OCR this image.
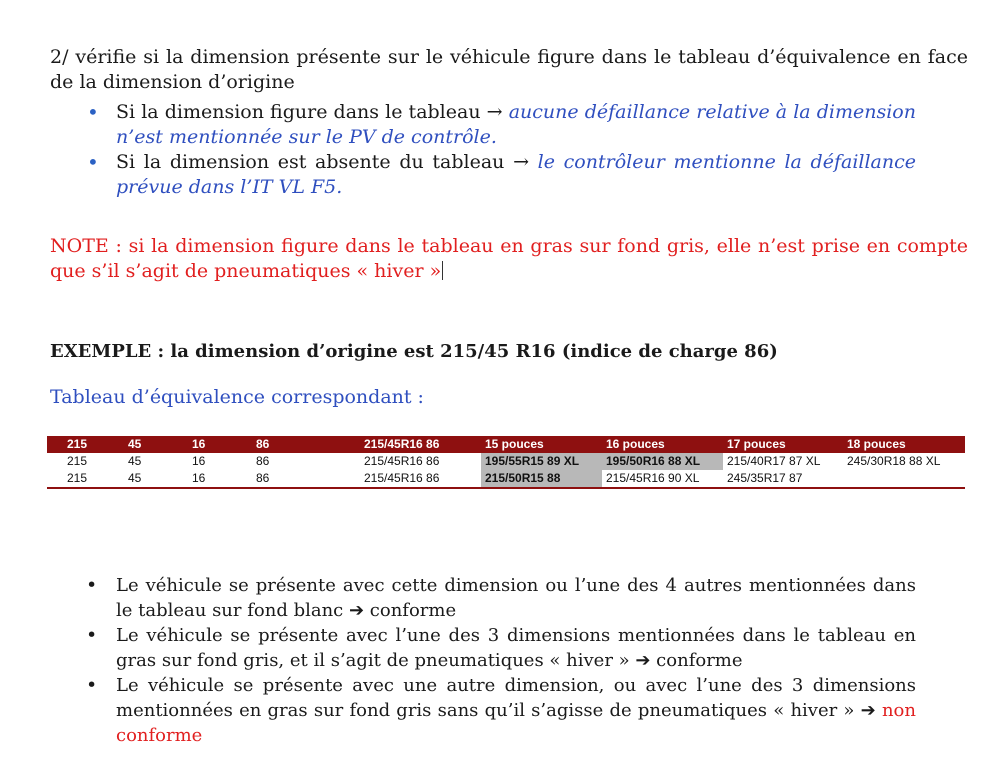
2/ vérifie si la dimension présente sur le véhicule figure dans le tableau d’équivalence en face de la dimension d’origine
• Si la dimension figure dans le tableau → aucune défaillance relative à la dimension n’est mentionnée sur le PV de contrôle.
• Si la dimension est absente du tableau → le contrôleur mentionne la défaillance prévue dans l’IT VL F5.
NOTE : si la dimension figure dans le tableau en gras sur fond gris, elle n’est prise en compte que s’il s’agit de pneumatiques « hiver »
EXEMPLE : la dimension d’origine est 215/45 R16 (indice de charge 86)
Tableau d’équivalence correspondant :
215	45	16	86	215/45R16 86	15 pouces	16 pouces	17 pouces	18 pouces
215	45	16	86	215/45R16 86	195/55R15 89 XL	195/50R16 88 XL	215/40R17 87 XL	245/30R18 88 XL
215	45	16	86	215/45R16 86	215/50R15 88	215/45R16 90 XL	245/35R17 87	
• Le véhicule se présente avec cette dimension ou l’une des 4 autres mentionnées dans le tableau sur fond blanc ➔ conforme
• Le véhicule se présente avec l’une des 3 dimensions mentionnées dans le tableau en gras sur fond gris, et il s’agit de pneumatiques « hiver » ➔ conforme
• Le véhicule se présente avec une autre dimension, ou avec l’une des 3 dimensions mentionnées en gras sur fond gris sans qu’il s’agisse de pneumatiques « hiver » ➔ non conforme
